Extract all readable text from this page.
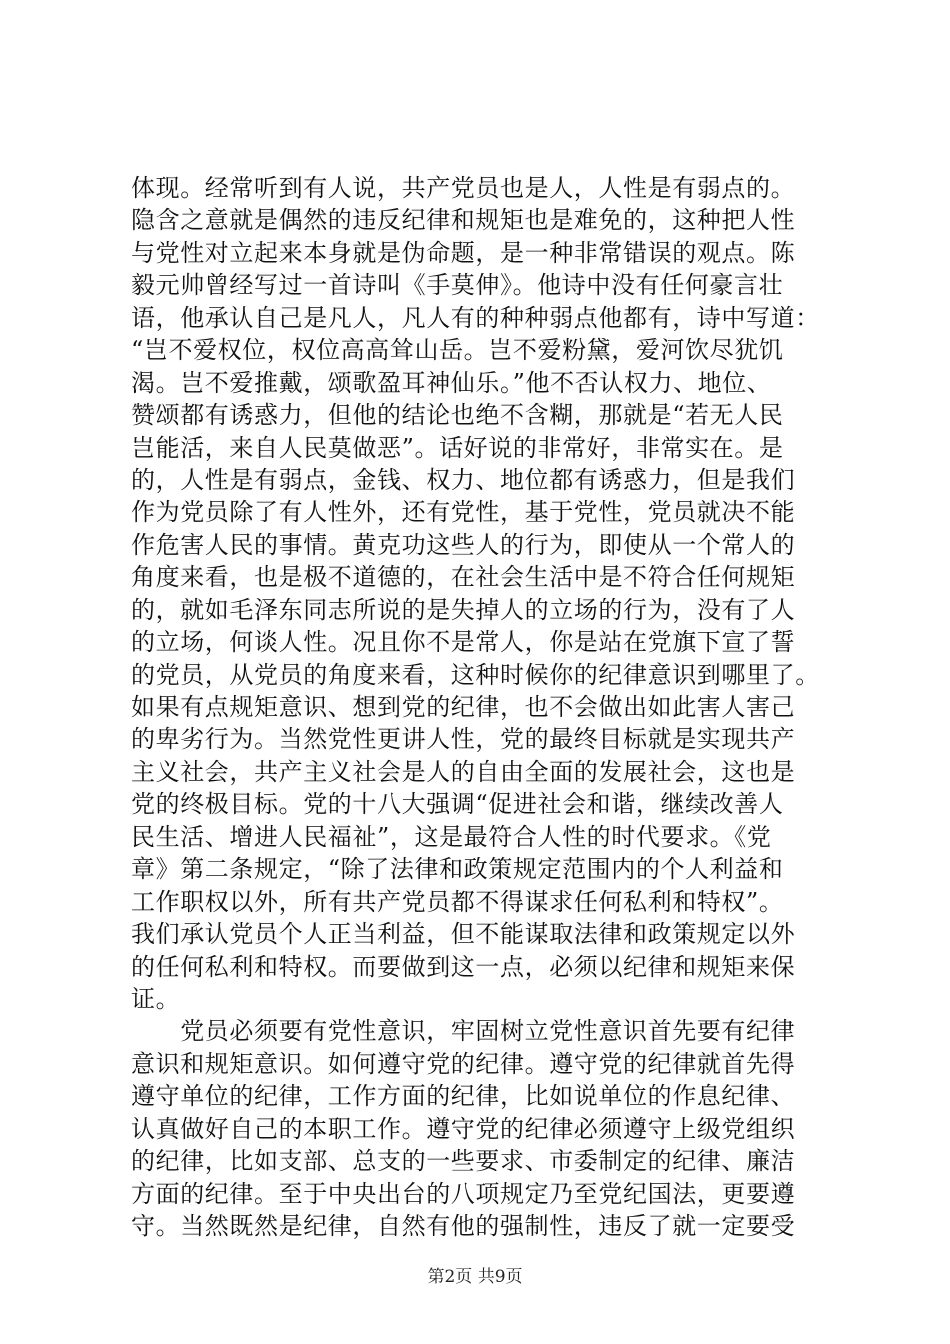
体现。经常听到有人说，共产党员也是人，人性是有弱点的。
隐含之意就是偶然的违反纪律和规矩也是难免的，这种把人性
与党性对立起来本身就是伪命题，是一种非常错误的观点。陈
毅元帅曾经写过一首诗叫《手莫伸》。他诗中没有任何豪言壮
语，他承认自己是凡人，凡人有的种种弱点他都有，诗中写道：
“岂不爱权位，权位高高耸山岳。岂不爱粉黛，爱河饮尽犹饥
渴。岂不爱推戴，颂歌盈耳神仙乐。”他不否认权力、地位、
赞颂都有诱惑力，但他的结论也绝不含糊，那就是“若无人民
岂能活，来自人民莫做恶”。话好说的非常好，非常实在。是
的，人性是有弱点，金钱、权力、地位都有诱惑力，但是我们
作为党员除了有人性外，还有党性，基于党性，党员就决不能
作危害人民的事情。黄克功这些人的行为，即使从一个常人的
角度来看，也是极不道德的，在社会生活中是不符合任何规矩
的，就如毛泽东同志所说的是失掉人的立场的行为，没有了人
的立场，何谈人性。况且你不是常人，你是站在党旗下宣了誓
的党员，从党员的角度来看，这种时候你的纪律意识到哪里了。
如果有点规矩意识、想到党的纪律，也不会做出如此害人害己
的卑劣行为。当然党性更讲人性，党的最终目标就是实现共产
主义社会，共产主义社会是人的自由全面的发展社会，这也是
党的终极目标。党的十八大强调“促进社会和谐，继续改善人
民生活、增进人民福祉”，这是最符合人性的时代要求。《党
章》第二条规定，“除了法律和政策规定范围内的个人利益和
工作职权以外，所有共产党员都不得谋求任何私利和特权”。
我们承认党员个人正当利益，但不能谋取法律和政策规定以外
的任何私利和特权。而要做到这一点，必须以纪律和规矩来保
证。
　　党员必须要有党性意识，牢固树立党性意识首先要有纪律
意识和规矩意识。如何遵守党的纪律。遵守党的纪律就首先得
遵守单位的纪律，工作方面的纪律，比如说单位的作息纪律、
认真做好自己的本职工作。遵守党的纪律必须遵守上级党组织
的纪律，比如支部、总支的一些要求、市委制定的纪律、廉洁
方面的纪律。至于中央出台的八项规定乃至党纪国法，更要遵
守。当然既然是纪律，自然有他的强制性，违反了就一定要受
第2页 共9页
